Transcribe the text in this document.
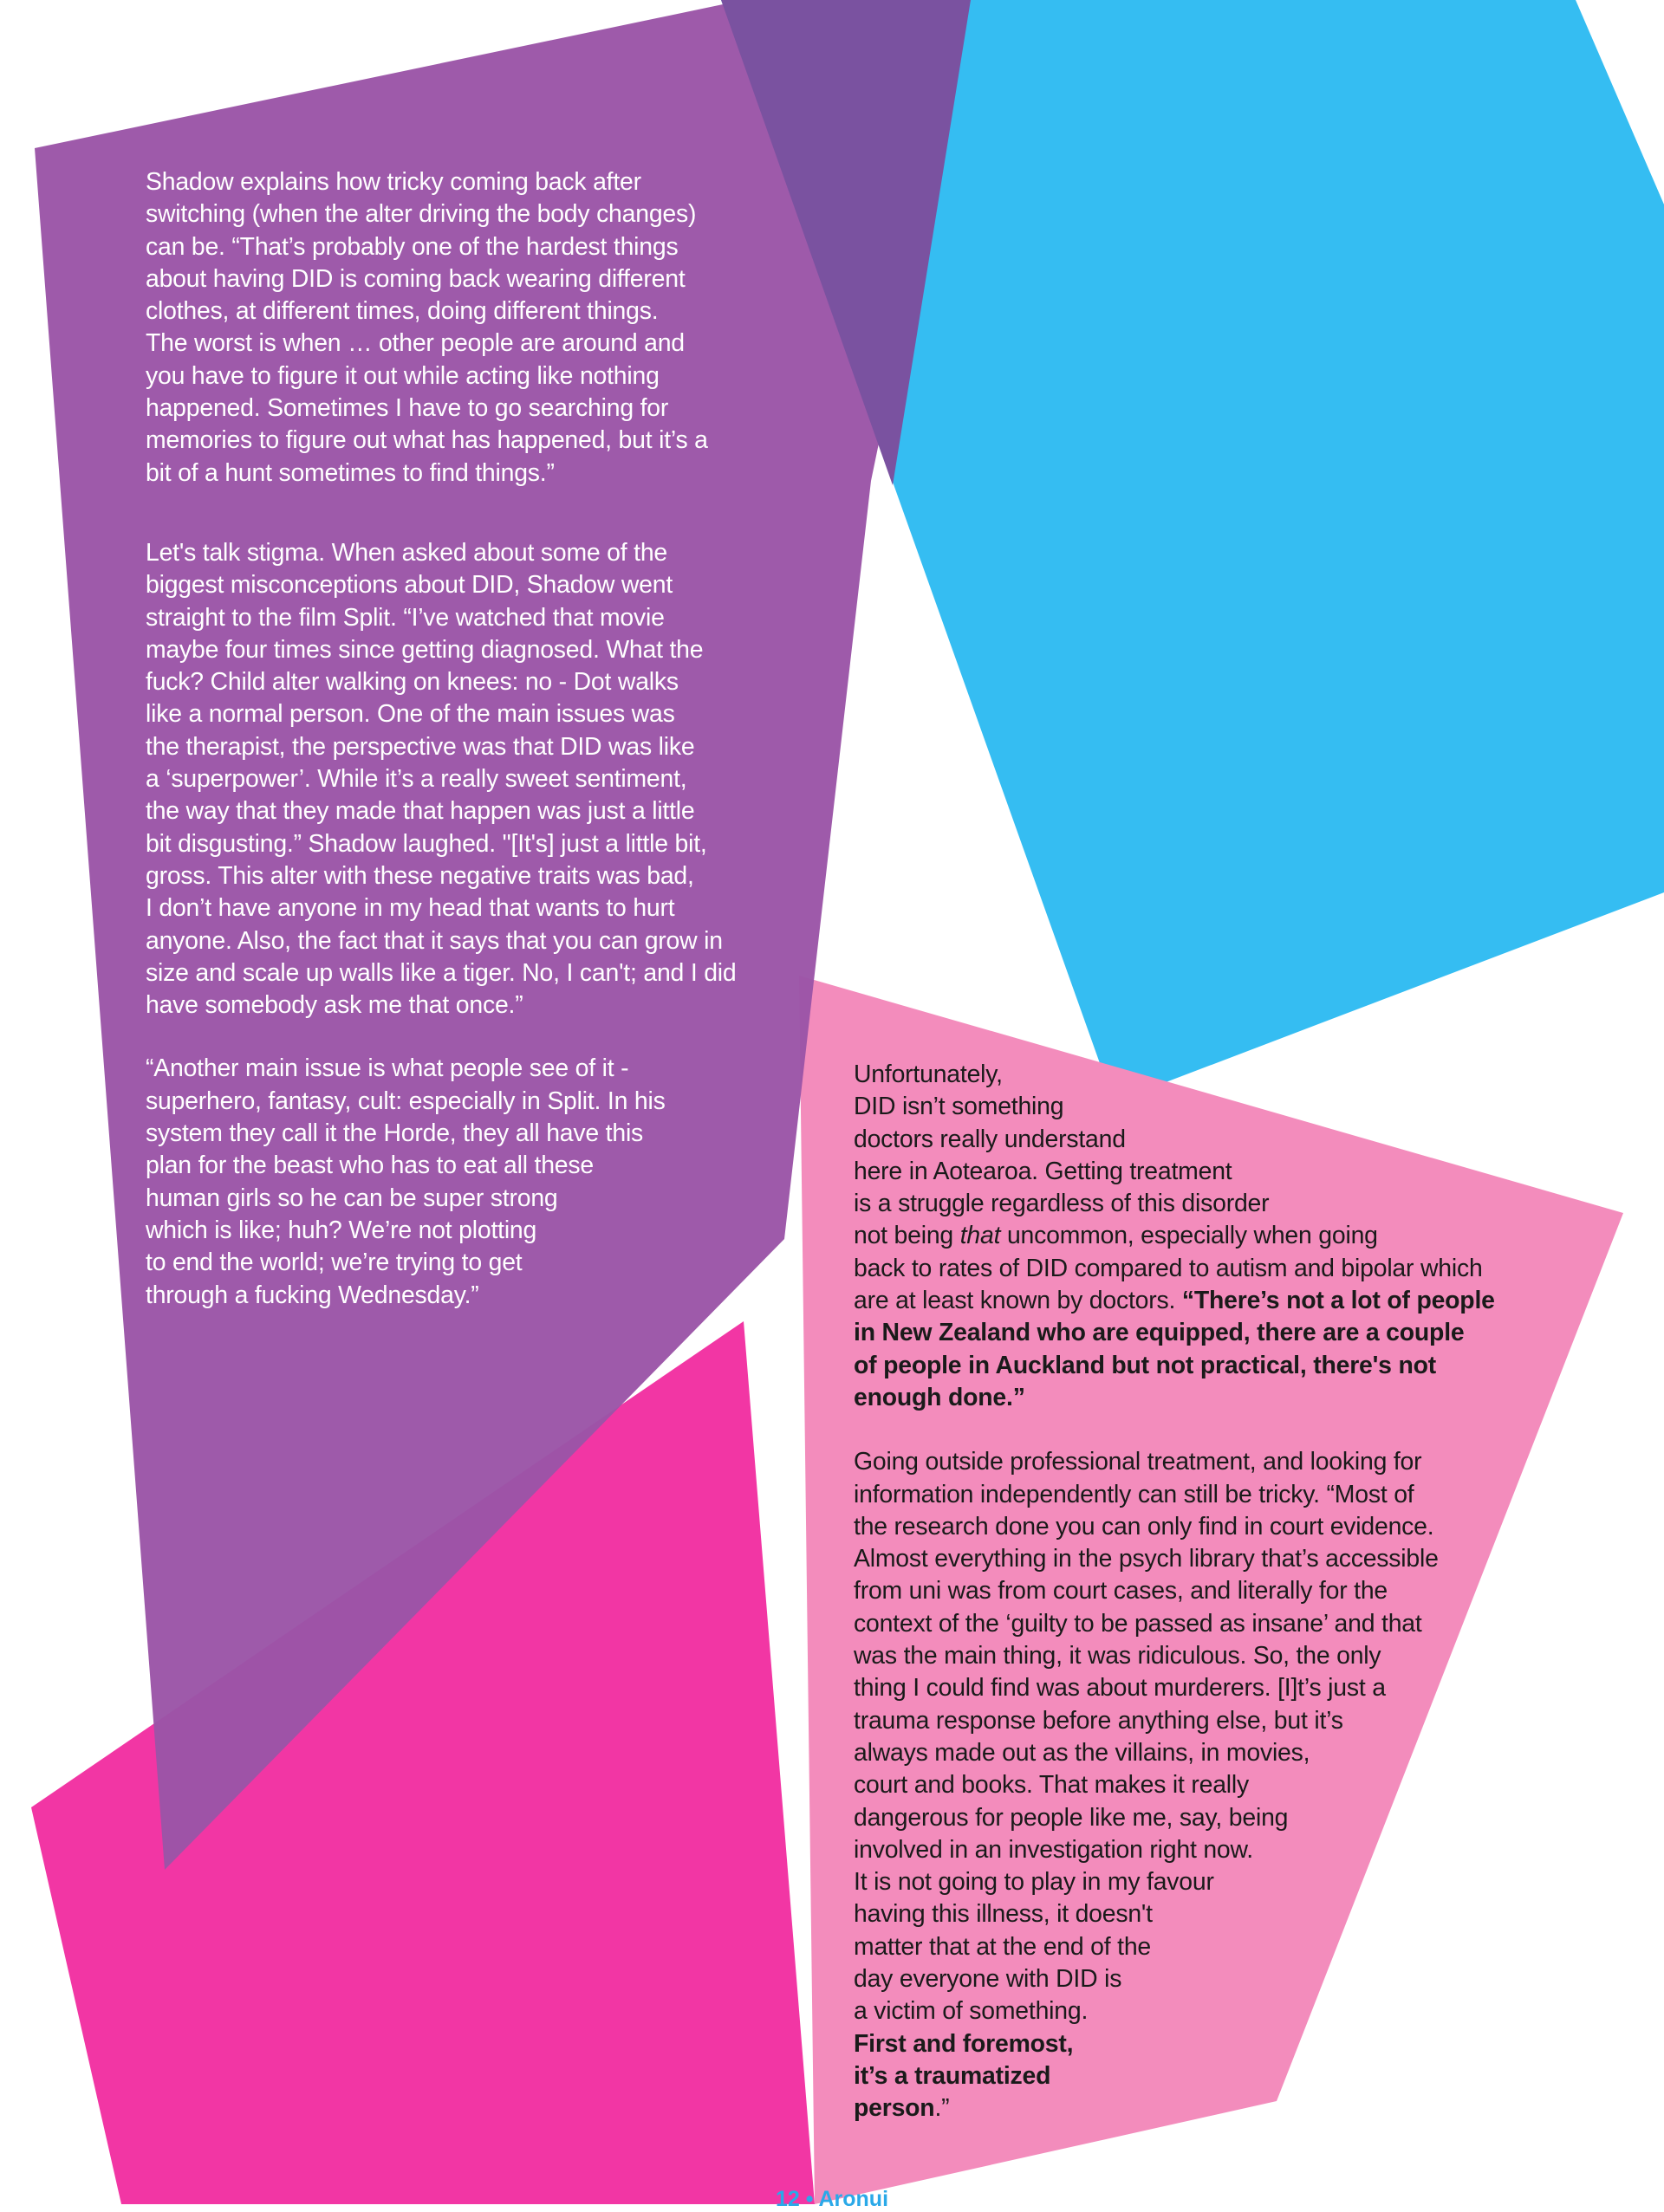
Shadow explains how tricky coming back after
switching (when the alter driving the body changes)
can be. “That’s probably one of the hardest things
about having DID is coming back wearing different
clothes, at different times, doing different things.
The worst is when … other people are around and
you have to figure it out while acting like nothing
happened. Sometimes I have to go searching for
memories to figure out what has happened, but it’s a
bit of a hunt sometimes to find things.”

Let's talk stigma. When asked about some of the
biggest misconceptions about DID, Shadow went
straight to the film Split. “I’ve watched that movie
maybe four times since getting diagnosed. What the
fuck? Child alter walking on knees: no - Dot walks
like a normal person. One of the main issues was
the therapist, the perspective was that DID was like
a ‘superpower’. While it’s a really sweet sentiment,
the way that they made that happen was just a little
bit disgusting.” Shadow laughed. "[It's] just a little bit,
gross. This alter with these negative traits was bad,
I don’t have anyone in my head that wants to hurt
anyone. Also, the fact that it says that you can grow in
size and scale up walls like a tiger. No, I can't; and I did
have somebody ask me that once.”

“Another main issue is what people see of it -
superhero, fantasy, cult: especially in Split. In his
system they call it the Horde, they all have this
plan for the beast who has to eat all these
human girls so he can be super strong
which is like; huh? We’re not plotting
to end the world; we’re trying to get
through a fucking Wednesday.”

Unfortunately,
DID isn’t something
doctors really understand
here in Aotearoa. Getting treatment
is a struggle regardless of this disorder
not being that uncommon, especially when going
back to rates of DID compared to autism and bipolar which
are at least known by doctors. “There’s not a lot of people
in New Zealand who are equipped, there are a couple
of people in Auckland but not practical, there's not
enough done.”

Going outside professional treatment, and looking for
information independently can still be tricky. “Most of
the research done you can only find in court evidence.
Almost everything in the psych library that’s accessible
from uni was from court cases, and literally for the
context of the ‘guilty to be passed as insane’ and that
was the main thing, it was ridiculous. So, the only
thing I could find was about murderers. [I]t’s just a
trauma response before anything else, but it’s
always made out as the villains, in movies,
court and books. That makes it really
dangerous for people like me, say, being
involved in an investigation right now.
It is not going to play in my favour
having this illness, it doesn't
matter that at the end of the
day everyone with DID is
a victim of something.
First and foremost,
it’s a traumatized
person.”

12 • Aronui
